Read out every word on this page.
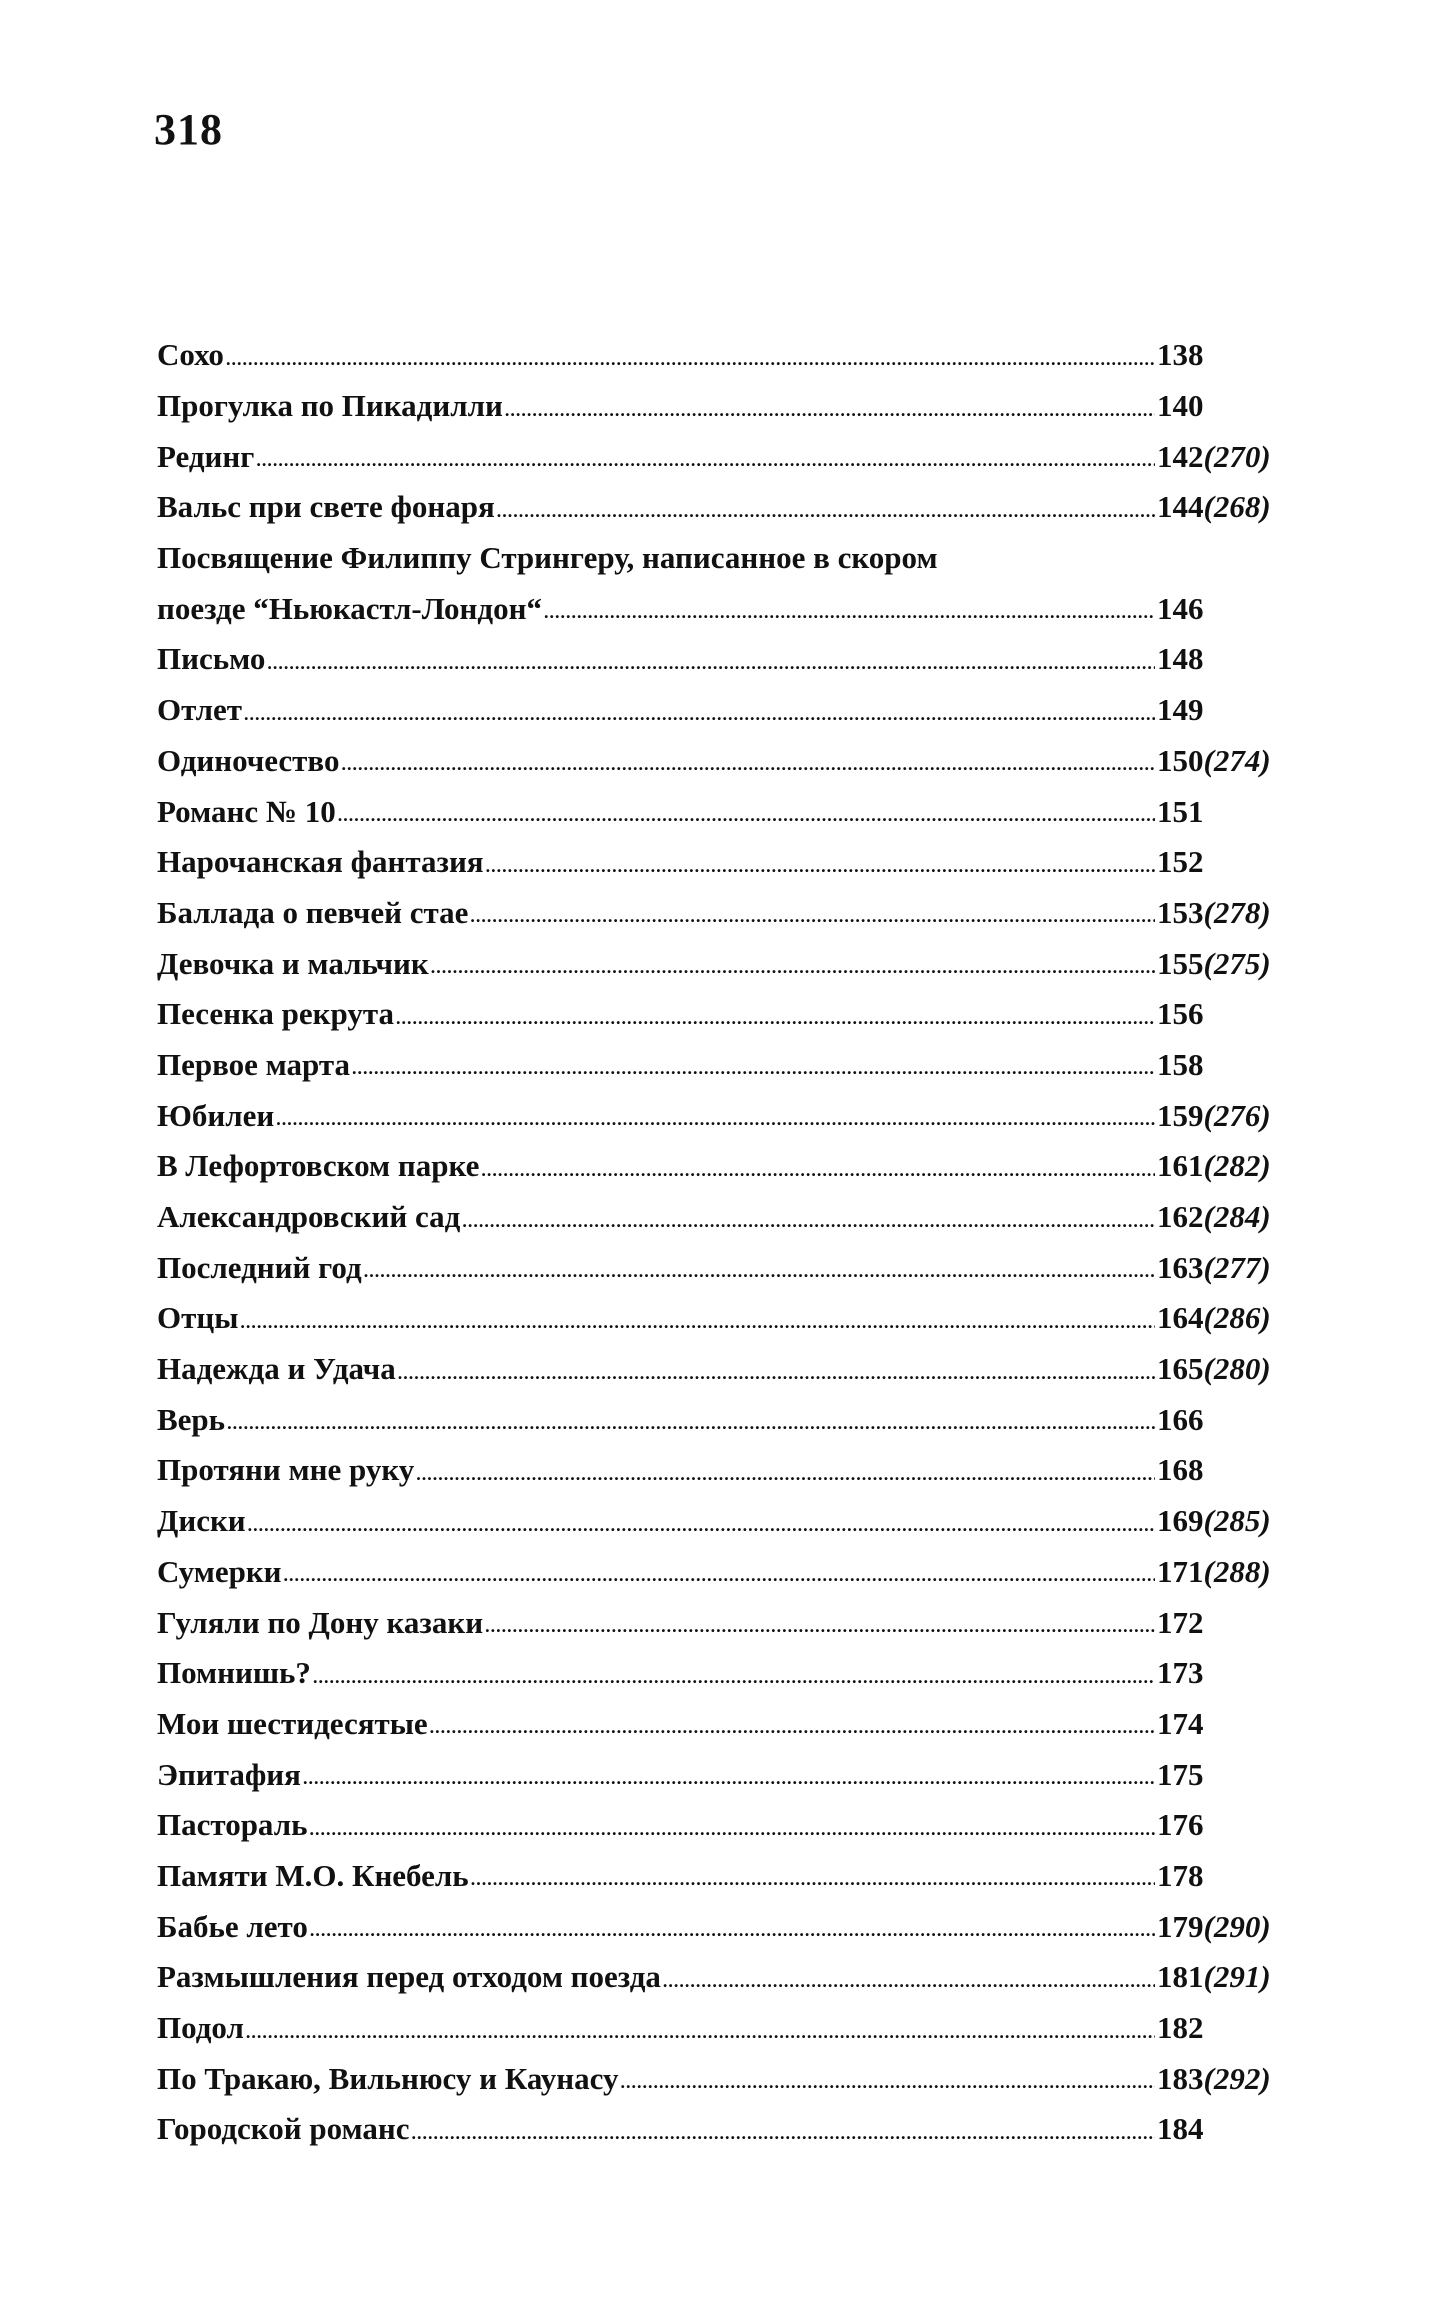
318
Сохо .....	138
Прогулка по Пикадилли .....	140
Рединг .....	142(270)
Вальс при свете фонаря .....	144(268)
Посвящение Филиппу Стрингеру, написанное в скором
поезде “Ньюкастл-Лондон“ .....	146
Письмо .....	148
Отлет .....	149
Одиночество .....	150(274)
Романс № 10 .....	151
Нарочанская фантазия .....	152
Баллада о певчей стае .....	153(278)
Девочка и мальчик .....	155(275)
Песенка рекрута .....	156
Первое марта .....	158
Юбилеи .....	159(276)
В Лефортовском парке .....	161(282)
Александровский сад .....	162(284)
Последний год .....	163(277)
Отцы .....	164(286)
Надежда и Удача .....	165(280)
Верь .....	166
Протяни мне руку .....	168
Диски .....	169(285)
Сумерки .....	171(288)
Гуляли по Дону казаки .....	172
Помнишь? .....	173
Мои шестидесятые .....	174
Эпитафия .....	175
Пастораль .....	176
Памяти М.О. Кнебель .....	178
Бабье лето .....	179(290)
Размышления перед отходом поезда .....	181(291)
Подол .....	182
По Тракаю, Вильнюсу и Каунасу .....	183(292)
Городской романс .....	184
